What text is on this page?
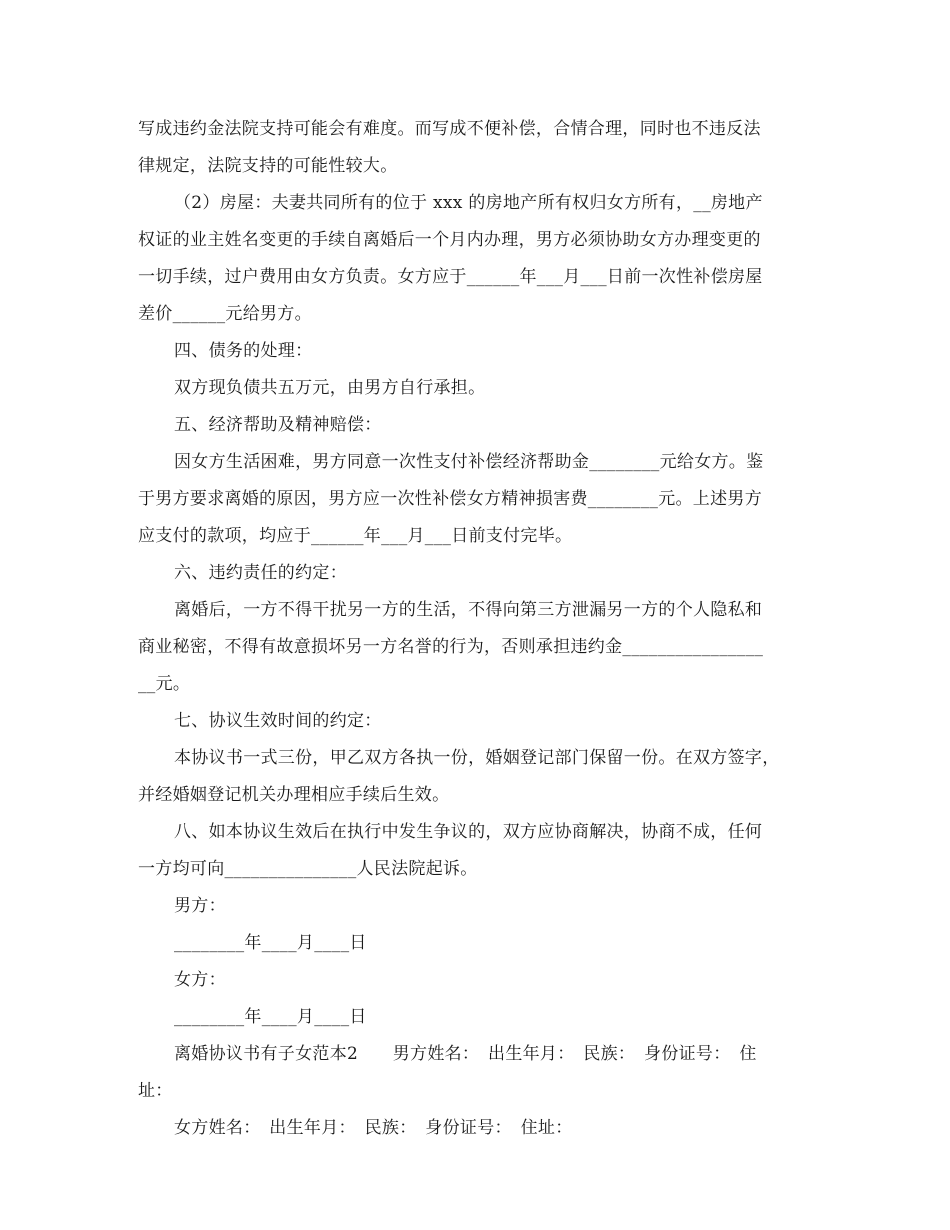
写成违约金法院支持可能会有难度。而写成不便补偿，合情合理，同时也不违反法
律规定，法院支持的可能性较大。
（2）房屋：夫妻共同所有的位于 xxx 的房地产所有权归女方所有，__房地产
权证的业主姓名变更的手续自离婚后一个月内办理，男方必须协助女方办理变更的
一切手续，过户费用由女方负责。女方应于______年___月___日前一次性补偿房屋
差价______元给男方。
四、债务的处理：
双方现负债共五万元，由男方自行承担。
五、经济帮助及精神赔偿：
因女方生活困难，男方同意一次性支付补偿经济帮助金________元给女方。鉴
于男方要求离婚的原因，男方应一次性补偿女方精神损害费________元。上述男方
应支付的款项，均应于______年___月___日前支付完毕。
六、违约责任的约定：
离婚后，一方不得干扰另一方的生活，不得向第三方泄漏另一方的个人隐私和
商业秘密，不得有故意损坏另一方名誉的行为，否则承担违约金________________
__元。
七、协议生效时间的约定：
本协议书一式三份，甲乙双方各执一份，婚姻登记部门保留一份。在双方签字，
并经婚姻登记机关办理相应手续后生效。
八、如本协议生效后在执行中发生争议的，双方应协商解决，协商不成，任何
一方均可向_______________人民法院起诉。
男方：
________年____月____日
女方：
________年____月____日
离婚协议书有子女范本2　　男方姓名：　出生年月：　民族：　身份证号：　住
址：
女方姓名：　出生年月：　民族：　身份证号：　住址：
